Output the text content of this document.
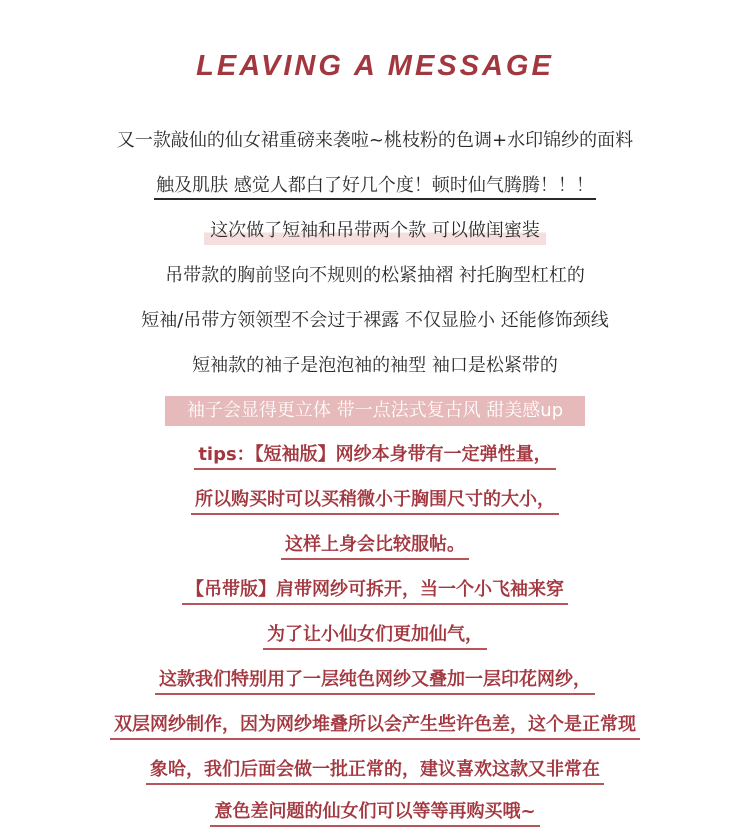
LEAVING A MESSAGE
又一款敲仙的仙女裙重磅来袭啦~桃枝粉的色调+水印锦纱的面料
触及肌肤 感觉人都白了好几个度！顿时仙气腾腾！！！
这次做了短袖和吊带两个款 可以做闺蜜装
吊带款的胸前竖向不规则的松紧抽褶 衬托胸型杠杠的
短袖/吊带方领领型不会过于裸露 不仅显脸小 还能修饰颈线
短袖款的袖子是泡泡袖的袖型 袖口是松紧带的
袖子会显得更立体 带一点法式复古风 甜美感up
tips：【短袖版】网纱本身带有一定弹性量，
所以购买时可以买稍微小于胸围尺寸的大小，
这样上身会比较服帖。
【吊带版】肩带网纱可拆开，当一个小飞袖来穿
为了让小仙女们更加仙气，
这款我们特别用了一层纯色网纱又叠加一层印花网纱，
双层网纱制作，因为网纱堆叠所以会产生些许色差，这个是正常现
象哈，我们后面会做一批正常的，建议喜欢这款又非常在
意色差问题的仙女们可以等等再购买哦~
